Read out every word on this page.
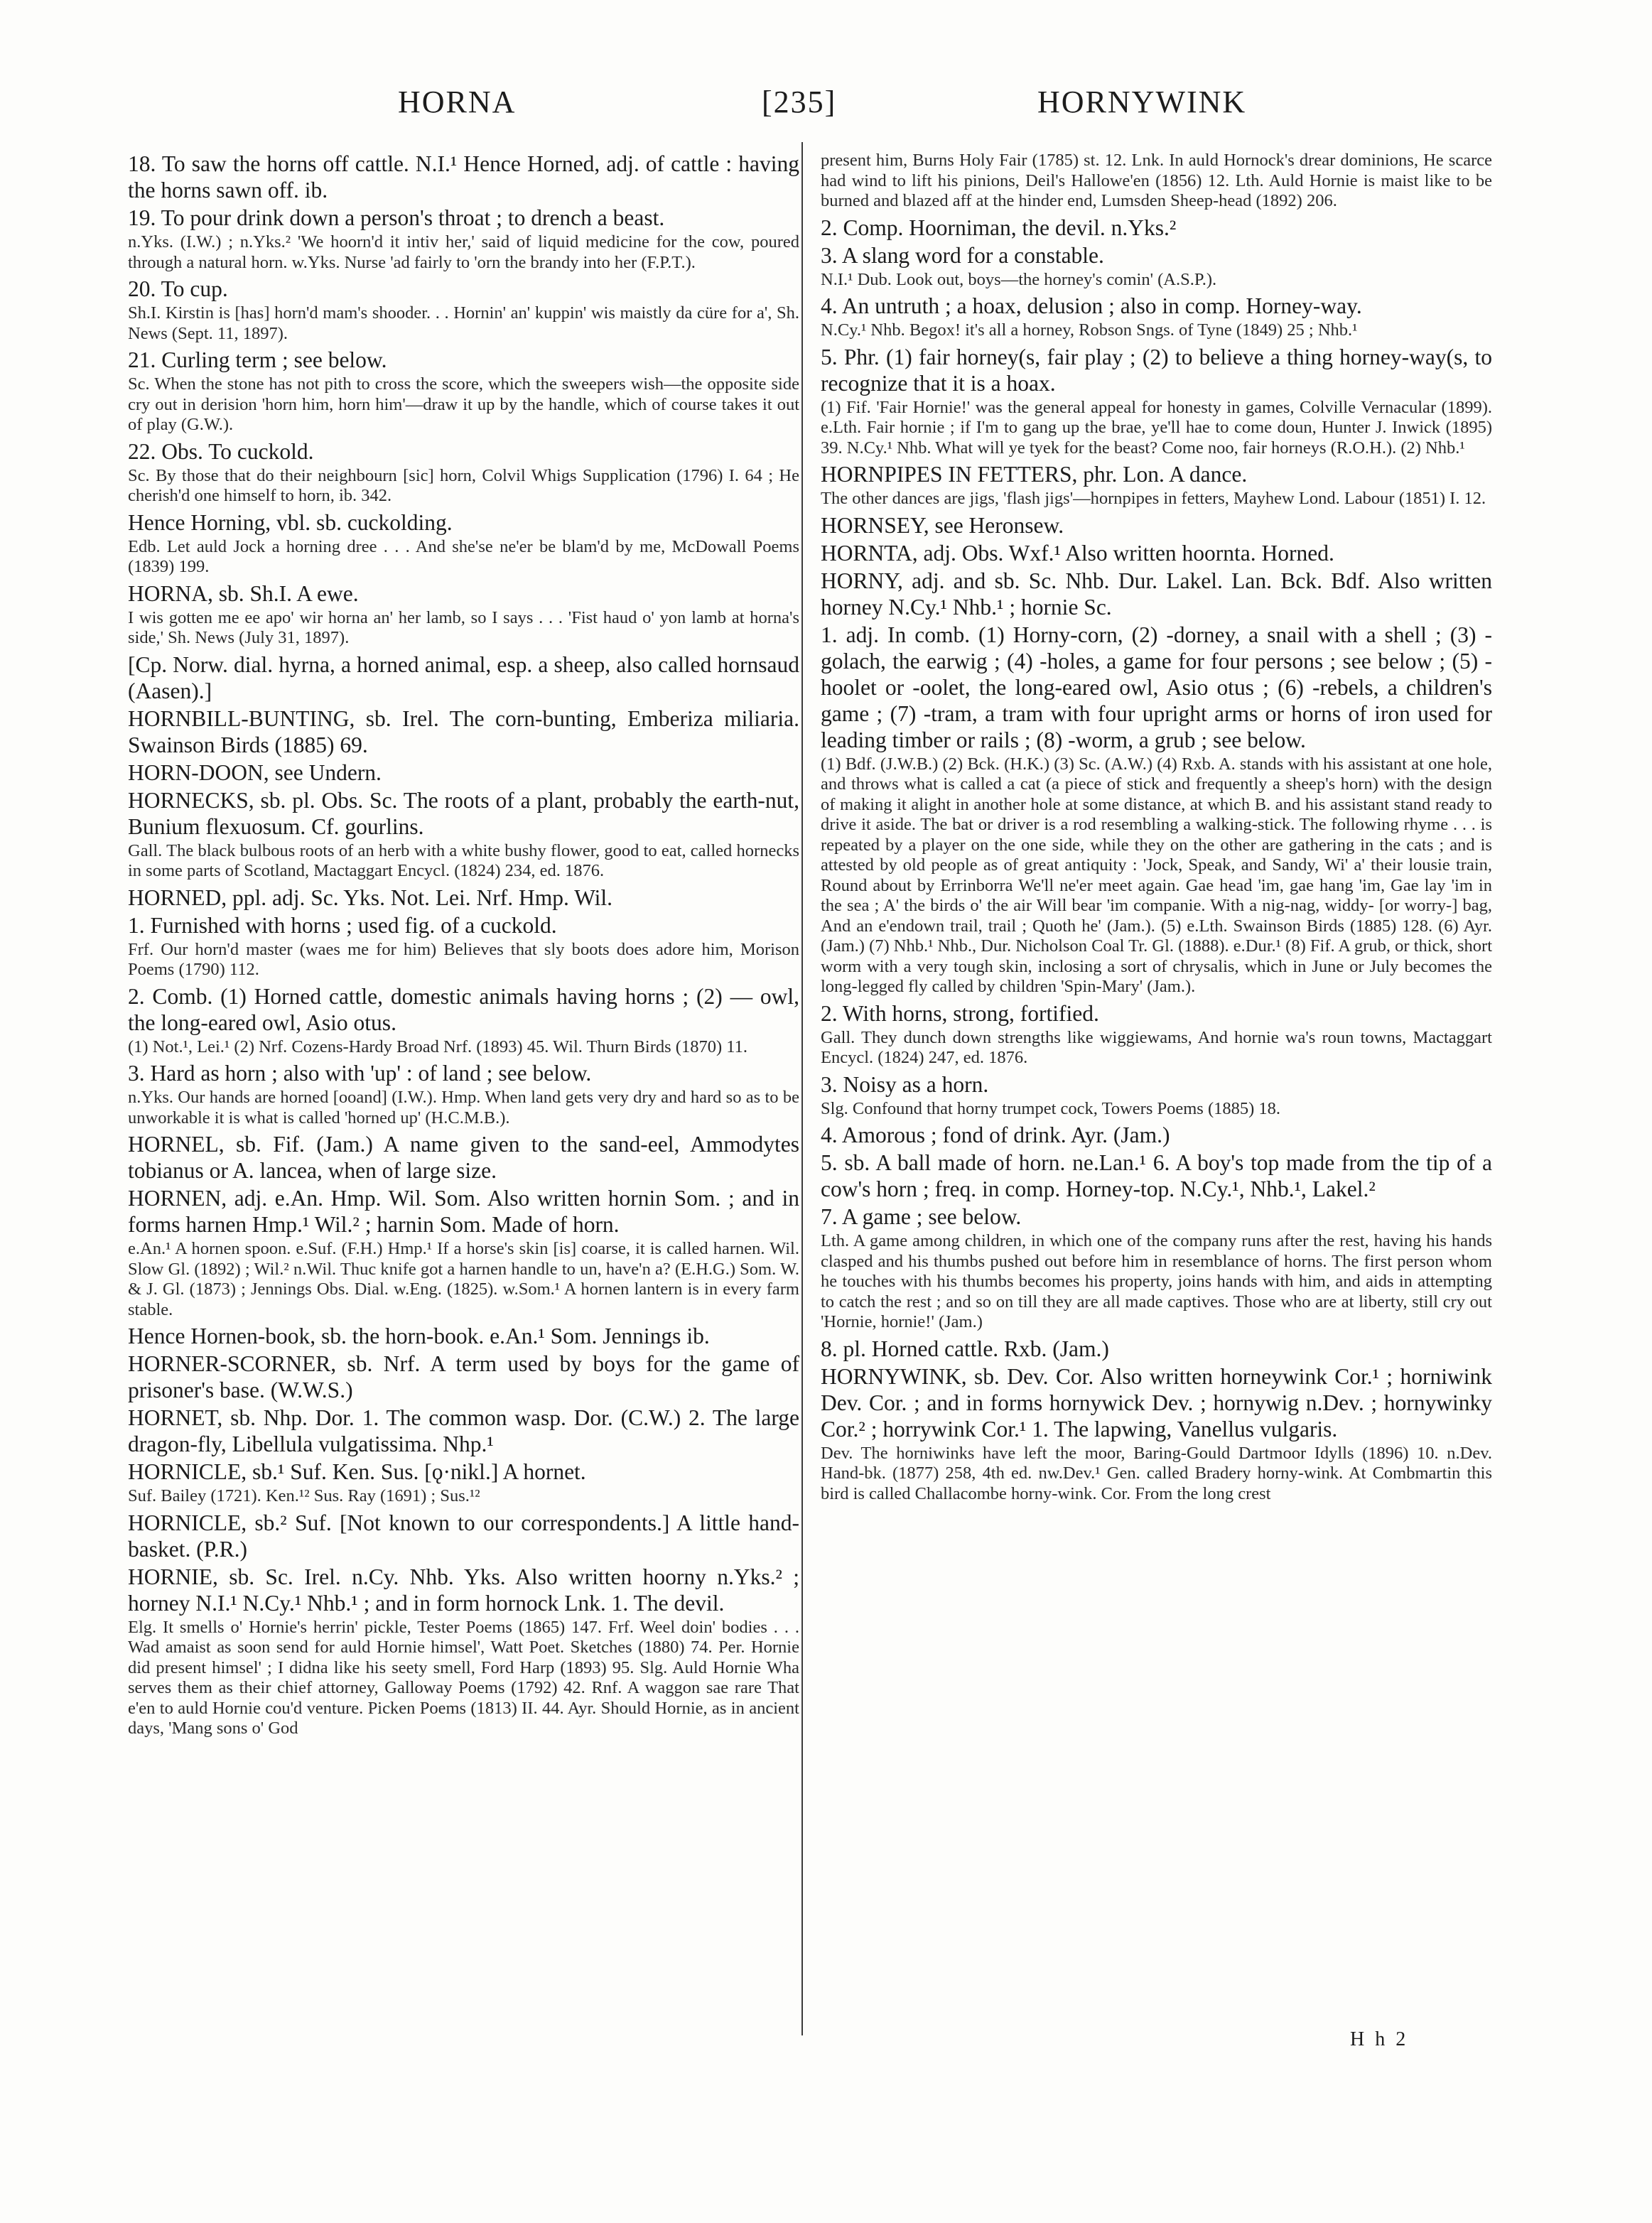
HORNA	[235]	HORNYWINK

18. To saw the horns off cattle. N.I.¹ Hence Horned, adj. of cattle : having the horns sawn off. ib.

19. To pour drink down a person's throat ; to drench a beast.

n.Yks. (I.W.) ; n.Yks.² 'We hoorn'd it intiv her,' said of liquid medicine for the cow, poured through a natural horn. w.Yks. Nurse 'ad fairly to 'orn the brandy into her (F.P.T.).

20. To cup.

Sh.I. Kirstin is [has] horn'd mam's shooder. . . Hornin' an' kuppin' wis maistly da cüre for a', Sh. News (Sept. 11, 1897).

21. Curling term ; see below.

Sc. When the stone has not pith to cross the score, which the sweepers wish—the opposite side cry out in derision 'horn him, horn him'—draw it up by the handle, which of course takes it out of play (G.W.).

22. Obs. To cuckold.

Sc. By those that do their neighbourn [sic] horn, Colvil Whigs Supplication (1796) I. 64 ; He cherish'd one himself to horn, ib. 342.

Hence Horning, vbl. sb. cuckolding.

Edb. Let auld Jock a horning dree . . . And she'se ne'er be blam'd by me, McDowall Poems (1839) 199.

HORNA, sb. Sh.I. A ewe.

I wis gotten me ee apo' wir horna an' her lamb, so I says . . . 'Fist haud o' yon lamb at horna's side,' Sh. News (July 31, 1897).

[Cp. Norw. dial. hyrna, a horned animal, esp. a sheep, also called hornsaud (Aasen).]

HORNBILL-BUNTING, sb. Irel. The corn-bunting, Emberiza miliaria. Swainson Birds (1885) 69.

HORN-DOON, see Undern.

HORNECKS, sb. pl. Obs. Sc. The roots of a plant, probably the earth-nut, Bunium flexuosum. Cf. gourlins.

Gall. The black bulbous roots of an herb with a white bushy flower, good to eat, called hornecks in some parts of Scotland, Mactaggart Encycl. (1824) 234, ed. 1876.

HORNED, ppl. adj. Sc. Yks. Not. Lei. Nrf. Hmp. Wil.

1. Furnished with horns ; used fig. of a cuckold.

Frf. Our horn'd master (waes me for him) Believes that sly boots does adore him, Morison Poems (1790) 112.

2. Comb. (1) Horned cattle, domestic animals having horns ; (2) — owl, the long-eared owl, Asio otus.

(1) Not.¹, Lei.¹ (2) Nrf. Cozens-Hardy Broad Nrf. (1893) 45. Wil. Thurn Birds (1870) 11.

3. Hard as horn ; also with 'up' : of land ; see below.

n.Yks. Our hands are horned [ooand] (I.W.). Hmp. When land gets very dry and hard so as to be unworkable it is what is called 'horned up' (H.C.M.B.).

HORNEL, sb. Fif. (Jam.) A name given to the sand-eel, Ammodytes tobianus or A. lancea, when of large size.

HORNEN, adj. e.An. Hmp. Wil. Som. Also written hornin Som. ; and in forms harnen Hmp.¹ Wil.² ; harnin Som. Made of horn.

e.An.¹ A hornen spoon. e.Suf. (F.H.) Hmp.¹ If a horse's skin [is] coarse, it is called harnen. Wil. Slow Gl. (1892) ; Wil.² n.Wil. Thuc knife got a harnen handle to un, have'n a? (E.H.G.) Som. W. & J. Gl. (1873) ; Jennings Obs. Dial. w.Eng. (1825). w.Som.¹ A hornen lantern is in every farm stable.

Hence Hornen-book, sb. the horn-book. e.An.¹ Som. Jennings ib.

HORNER-SCORNER, sb. Nrf. A term used by boys for the game of prisoner's base. (W.W.S.)

HORNET, sb. Nhp. Dor. 1. The common wasp. Dor. (C.W.) 2. The large dragon-fly, Libellula vulgatissima. Nhp.¹

HORNICLE, sb.¹ Suf. Ken. Sus. [ǫ·nikl.] A hornet.

Suf. Bailey (1721). Ken.¹² Sus. Ray (1691) ; Sus.¹²

HORNICLE, sb.² Suf. [Not known to our correspondents.] A little hand-basket. (P.R.)

HORNIE, sb. Sc. Irel. n.Cy. Nhb. Yks. Also written hoorny n.Yks.² ; horney N.I.¹ N.Cy.¹ Nhb.¹ ; and in form hornock Lnk. 1. The devil.

Elg. It smells o' Hornie's herrin' pickle, Tester Poems (1865) 147. Frf. Weel doin' bodies . . . Wad amaist as soon send for auld Hornie himsel', Watt Poet. Sketches (1880) 74. Per. Hornie did present himsel' ; I didna like his seety smell, Ford Harp (1893) 95. Slg. Auld Hornie Wha serves them as their chief attorney, Galloway Poems (1792) 42. Rnf. A waggon sae rare That e'en to auld Hornie cou'd venture. Picken Poems (1813) II. 44. Ayr. Should Hornie, as in ancient days, 'Mang sons o' God

present him, Burns Holy Fair (1785) st. 12. Lnk. In auld Hornock's drear dominions, He scarce had wind to lift his pinions, Deil's Hallowe'en (1856) 12. Lth. Auld Hornie is maist like to be burned and blazed aff at the hinder end, Lumsden Sheep-head (1892) 206.

2. Comp. Hoorniman, the devil. n.Yks.²

3. A slang word for a constable.

N.I.¹ Dub. Look out, boys—the horney's comin' (A.S.P.).

4. An untruth ; a hoax, delusion ; also in comp. Horney-way.

N.Cy.¹ Nhb. Begox! it's all a horney, Robson Sngs. of Tyne (1849) 25 ; Nhb.¹

5. Phr. (1) fair horney(s, fair play ; (2) to believe a thing horney-way(s, to recognize that it is a hoax.

(1) Fif. 'Fair Hornie!' was the general appeal for honesty in games, Colville Vernacular (1899). e.Lth. Fair hornie ; if I'm to gang up the brae, ye'll hae to come doun, Hunter J. Inwick (1895) 39. N.Cy.¹ Nhb. What will ye tyek for the beast? Come noo, fair horneys (R.O.H.). (2) Nhb.¹

HORNPIPES IN FETTERS, phr. Lon. A dance.

The other dances are jigs, 'flash jigs'—hornpipes in fetters, Mayhew Lond. Labour (1851) I. 12.

HORNSEY, see Heronsew.

HORNTA, adj. Obs. Wxf.¹ Also written hoornta. Horned.

HORNY, adj. and sb. Sc. Nhb. Dur. Lakel. Lan. Bck. Bdf. Also written horney N.Cy.¹ Nhb.¹ ; hornie Sc.

1. adj. In comb. (1) Horny-corn, (2) -dorney, a snail with a shell ; (3) -golach, the earwig ; (4) -holes, a game for four persons ; see below ; (5) -hoolet or -oolet, the long-eared owl, Asio otus ; (6) -rebels, a children's game ; (7) -tram, a tram with four upright arms or horns of iron used for leading timber or rails ; (8) -worm, a grub ; see below.

(1) Bdf. (J.W.B.) (2) Bck. (H.K.) (3) Sc. (A.W.) (4) Rxb. A. stands with his assistant at one hole, and throws what is called a cat (a piece of stick and frequently a sheep's horn) with the design of making it alight in another hole at some distance, at which B. and his assistant stand ready to drive it aside. The bat or driver is a rod resembling a walking-stick. The following rhyme . . . is repeated by a player on the one side, while they on the other are gathering in the cats ; and is attested by old people as of great antiquity : 'Jock, Speak, and Sandy, Wi' a' their lousie train, Round about by Errinborra We'll ne'er meet again. Gae head 'im, gae hang 'im, Gae lay 'im in the sea ; A' the birds o' the air Will bear 'im companie. With a nig-nag, widdy- [or worry-] bag, And an e'endown trail, trail ; Quoth he' (Jam.). (5) e.Lth. Swainson Birds (1885) 128. (6) Ayr. (Jam.) (7) Nhb.¹ Nhb., Dur. Nicholson Coal Tr. Gl. (1888). e.Dur.¹ (8) Fif. A grub, or thick, short worm with a very tough skin, inclosing a sort of chrysalis, which in June or July becomes the long-legged fly called by children 'Spin-Mary' (Jam.).

2. With horns, strong, fortified.

Gall. They dunch down strengths like wiggiewams, And hornie wa's roun towns, Mactaggart Encycl. (1824) 247, ed. 1876.

3. Noisy as a horn.

Slg. Confound that horny trumpet cock, Towers Poems (1885) 18.

4. Amorous ; fond of drink. Ayr. (Jam.)

5. sb. A ball made of horn. ne.Lan.¹ 6. A boy's top made from the tip of a cow's horn ; freq. in comp. Horney-top. N.Cy.¹, Nhb.¹, Lakel.²

7. A game ; see below.

Lth. A game among children, in which one of the company runs after the rest, having his hands clasped and his thumbs pushed out before him in resemblance of horns. The first person whom he touches with his thumbs becomes his property, joins hands with him, and aids in attempting to catch the rest ; and so on till they are all made captives. Those who are at liberty, still cry out 'Hornie, hornie!' (Jam.)

8. pl. Horned cattle. Rxb. (Jam.)

HORNYWINK, sb. Dev. Cor. Also written horneywink Cor.¹ ; horniwink Dev. Cor. ; and in forms hornywick Dev. ; hornywig n.Dev. ; hornywinky Cor.² ; horrywink Cor.¹ 1. The lapwing, Vanellus vulgaris.

Dev. The horniwinks have left the moor, Baring-Gould Dartmoor Idylls (1896) 10. n.Dev. Hand-bk. (1877) 258, 4th ed. nw.Dev.¹ Gen. called Bradery horny-wink. At Combmartin this bird is called Challacombe horny-wink. Cor. From the long crest

H h 2
